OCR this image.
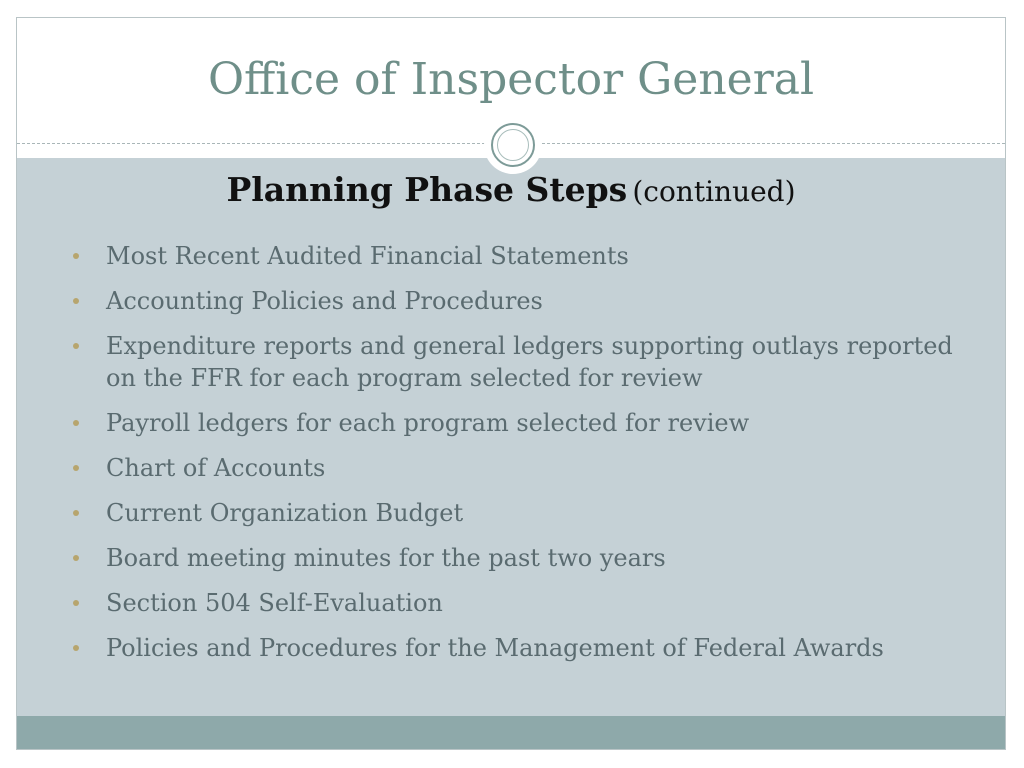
Office of Inspector General
Planning Phase Steps (continued)
Most Recent Audited Financial Statements
Accounting Policies and Procedures
Expenditure reports and general ledgers supporting outlays reported on the FFR for each program selected for review
Payroll ledgers for each program selected for review
Chart of Accounts
Current Organization Budget
Board meeting minutes for the past two years
Section 504 Self-Evaluation
Policies and Procedures for the Management of Federal Awards
